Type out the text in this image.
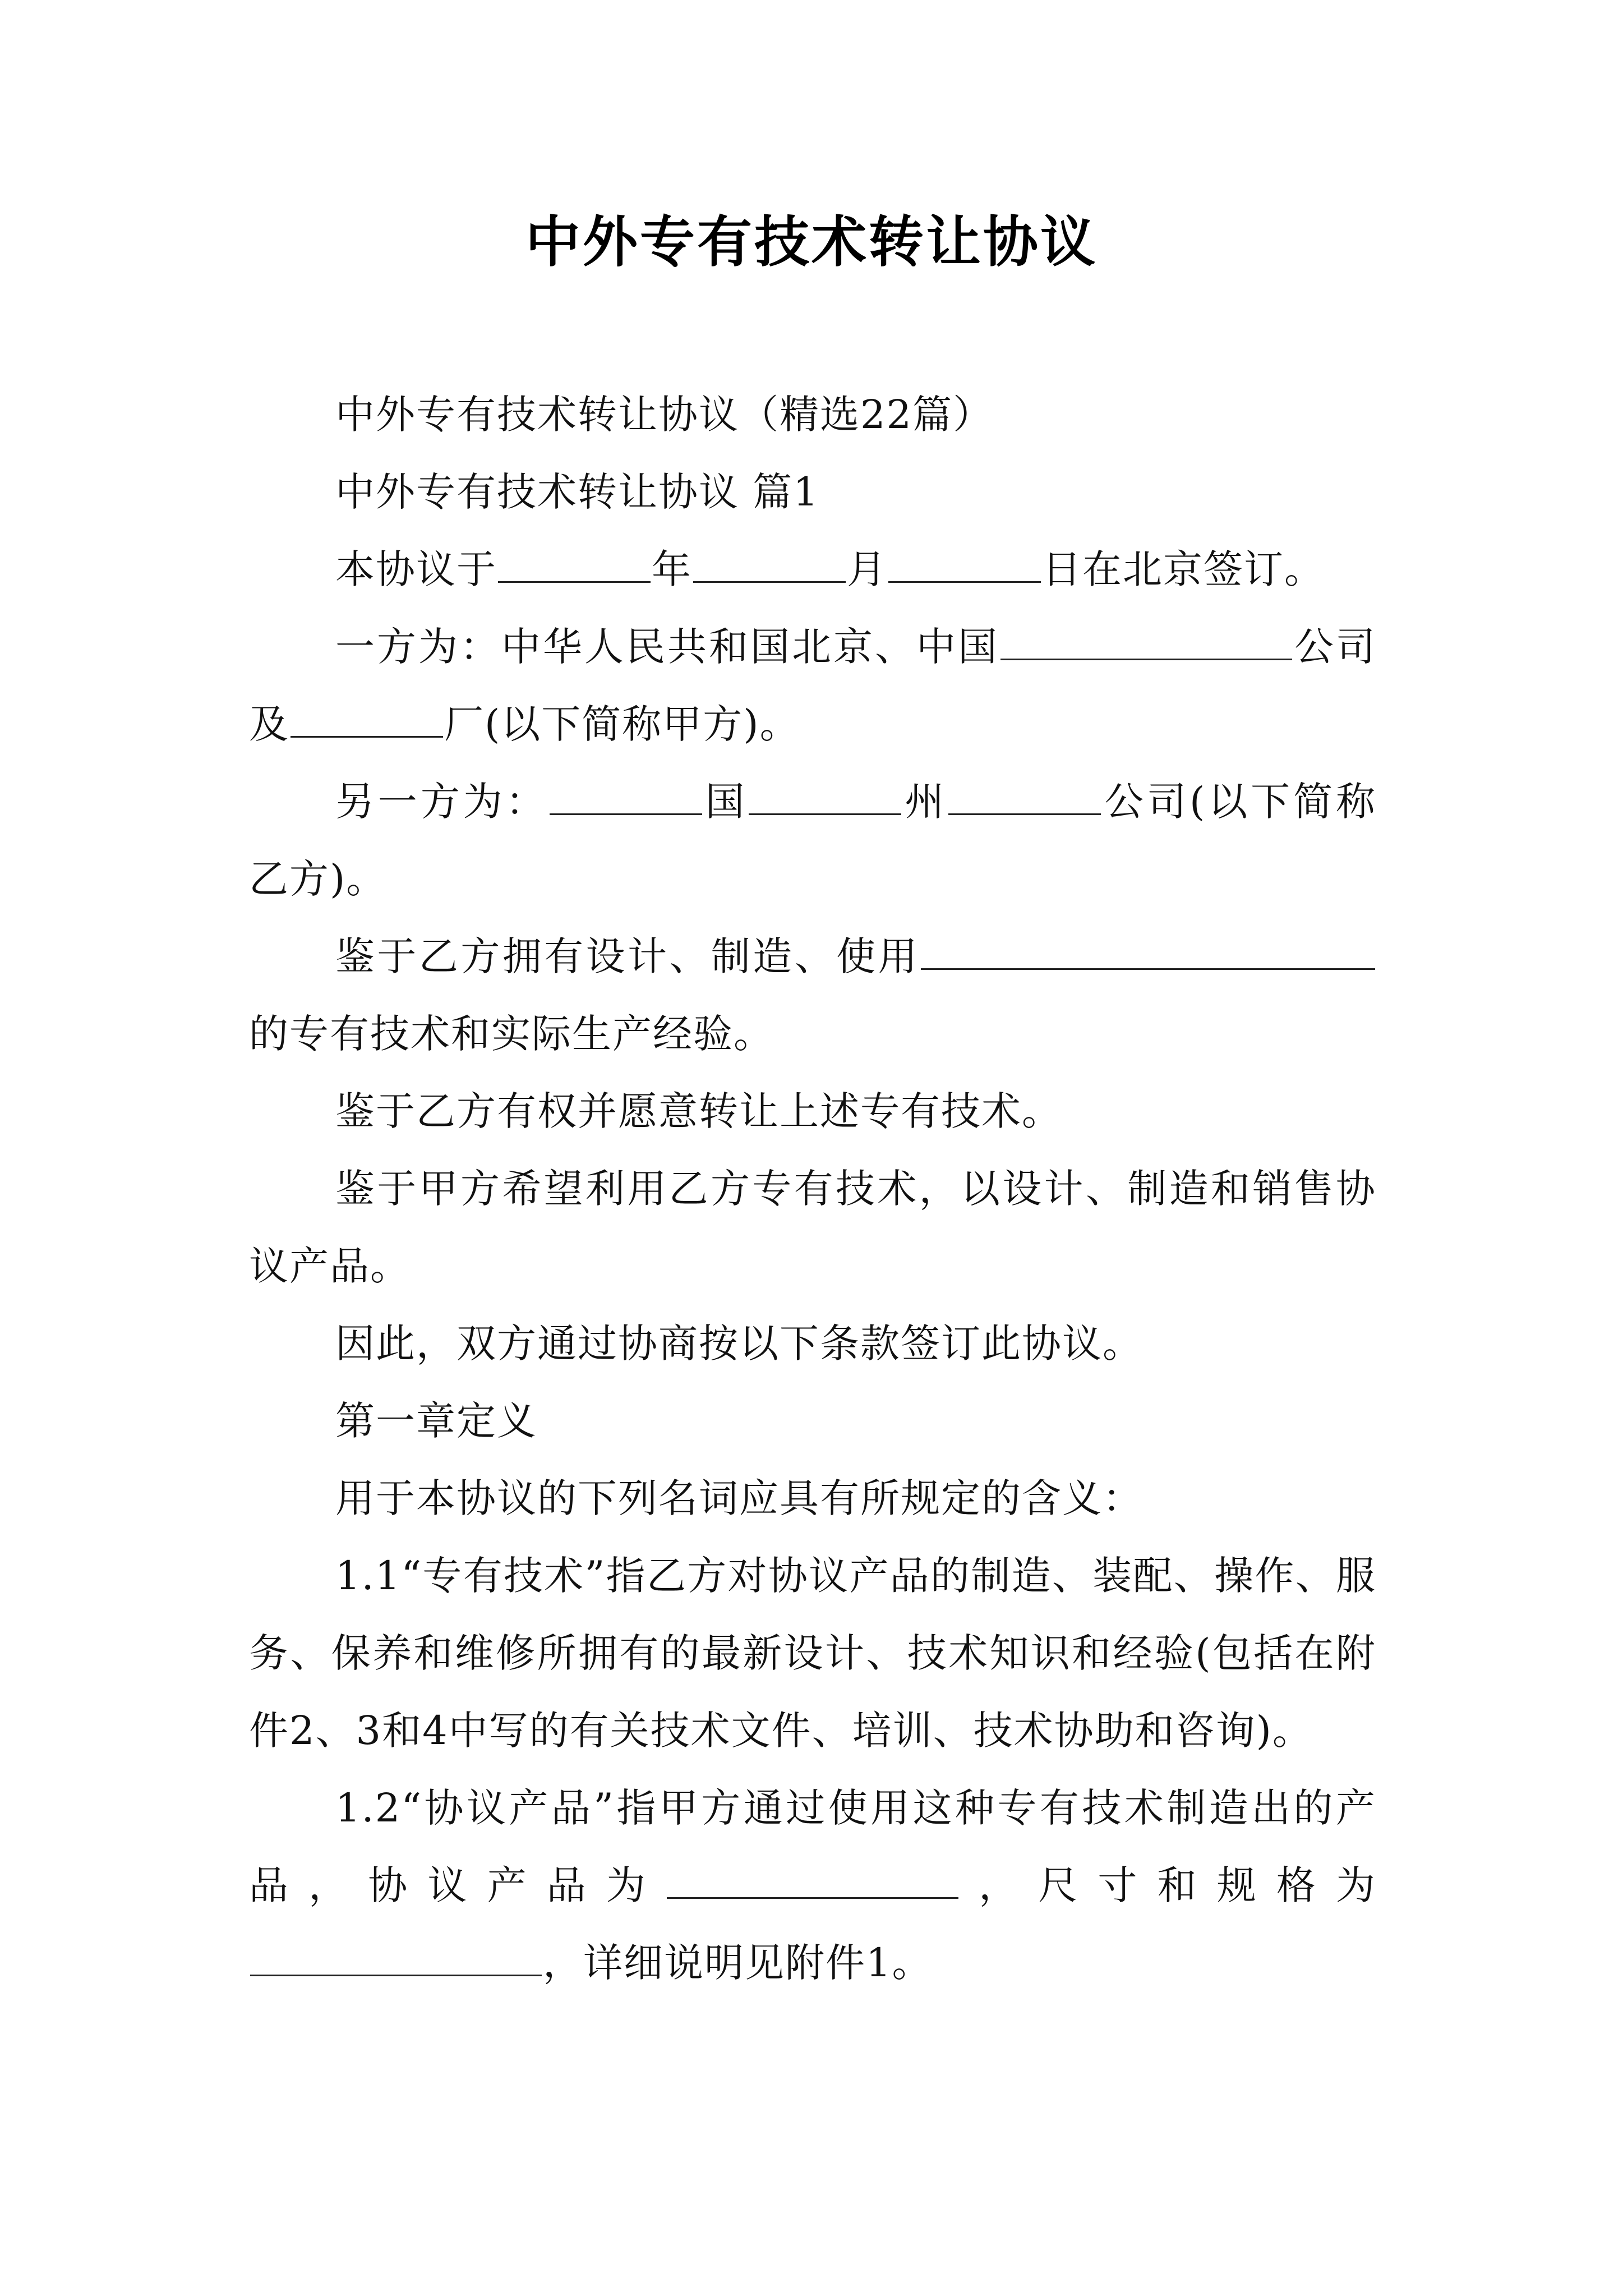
中外专有技术转让协议

中外专有技术转让协议（精选22篇）

中外专有技术转让协议 篇1

本协议于	年	月	日在北京签订。

一方为：中华人民共和国北京、中国	公司及	厂(以下简称甲方)。

另一方为：	国	州	公司(以下简称乙方)。

鉴于乙方拥有设计、制造、使用的专有技术和实际生产经验。

鉴于乙方有权并愿意转让上述专有技术。

鉴于甲方希望利用乙方专有技术，以设计、制造和销售协议产品。

因此，双方通过协商按以下条款签订此协议。

第一章定义

用于本协议的下列名词应具有所规定的含义：

1.1“专有技术”指乙方对协议产品的制造、装配、操作、服务、保养和维修所拥有的最新设计、技术知识和经验(包括在附件2、3和4中写的有关技术文件、培训、技术协助和咨询)。

1.2“协议产品”指甲方通过使用这种专有技术制造出的产品，协议产品为	，尺寸和规格为，详细说明见附件1。
